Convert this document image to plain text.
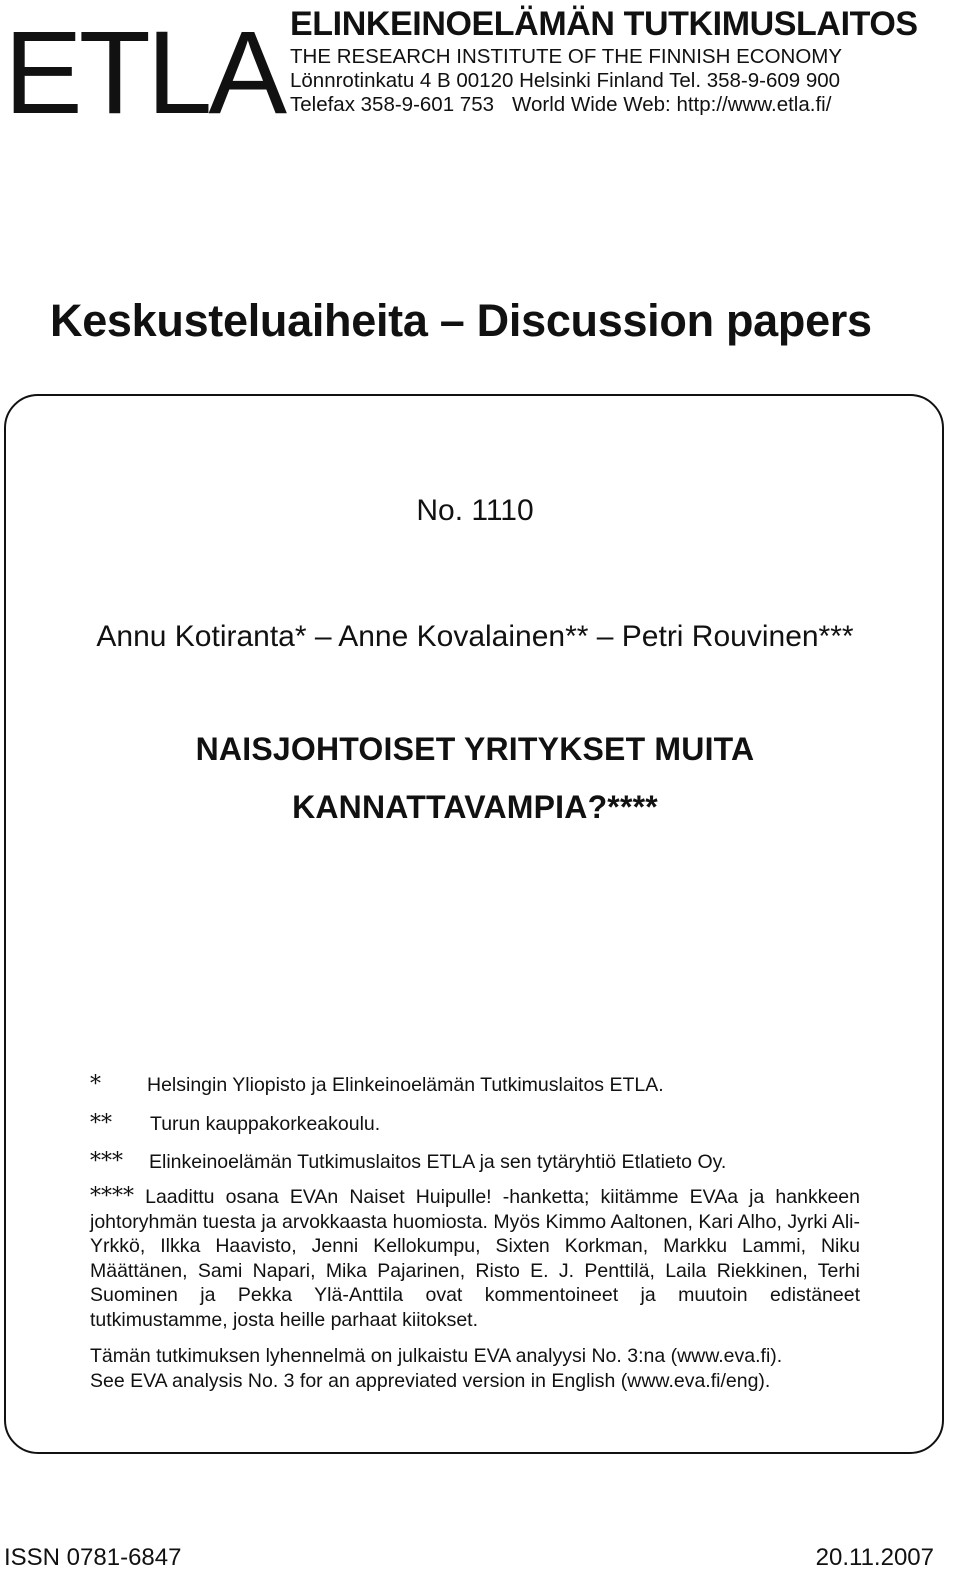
ETLA ELINKEINOELÄMÄN TUTKIMUSLAITOS
THE RESEARCH INSTITUTE OF THE FINNISH ECONOMY
Lönnrotinkatu 4 B 00120 Helsinki Finland Tel. 358-9-609 900
Telefax 358-9-601 753 World Wide Web: http://www.etla.fi/
Keskusteluaiheita – Discussion papers
No. 1110
Annu Kotiranta* – Anne Kovalainen** – Petri Rouvinen***
NAISJOHTOISET YRITYKSET MUITA
KANNATTAVAMPIA?****
* Helsingin Yliopisto ja Elinkeinoelämän Tutkimuslaitos ETLA.
** Turun kauppakorkeakoulu.
*** Elinkeinoelämän Tutkimuslaitos ETLA ja sen tytäryhtiö Etlatieto Oy.
**** Laadittu osana EVAn Naiset Huipulle! -hanketta; kiitämme EVAa ja hankkeen johtoryhmän tuesta ja arvokkaasta huomiosta. Myös Kimmo Aaltonen, Kari Alho, Jyrki Ali-Yrkkö, Ilkka Haavisto, Jenni Kellokumpu, Sixten Korkman, Markku Lammi, Niku Määttänen, Sami Napari, Mika Pajarinen, Risto E. J. Penttilä, Laila Riekkinen, Terhi Suominen ja Pekka Ylä-Anttila ovat kommentoineet ja muutoin edistäneet tutkimustamme, josta heille parhaat kiitokset.
Tämän tutkimuksen lyhennelmä on julkaistu EVA analyysi No. 3:na (www.eva.fi).
See EVA analysis No. 3 for an appreviated version in English (www.eva.fi/eng).
ISSN 0781-6847	20.11.2007
